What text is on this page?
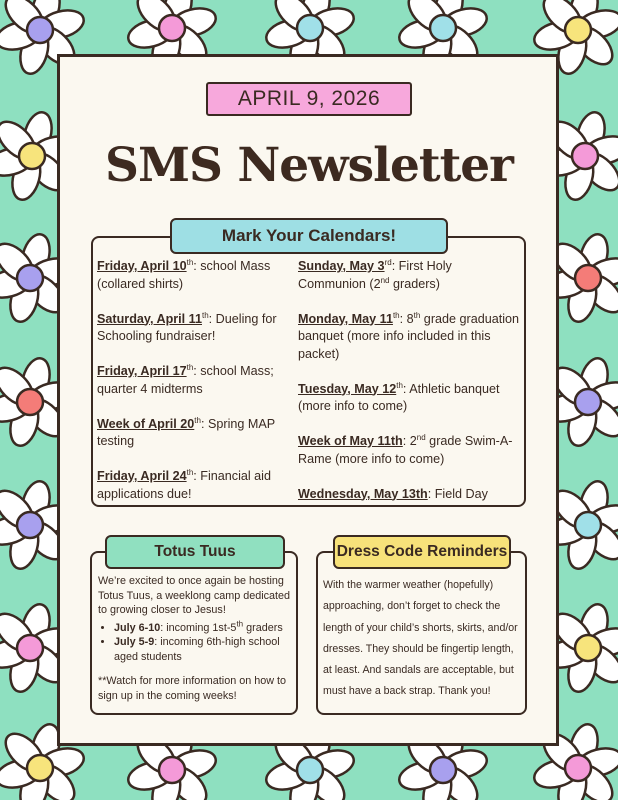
APRIL 9, 2026
SMS Newsletter
Mark Your Calendars!
Friday, April 10th: school Mass (collared shirts)
Saturday, April 11th: Dueling for Schooling fundraiser!
Friday, April 17th: school Mass; quarter 4 midterms
Week of April 20th: Spring MAP testing
Friday, April 24th: Financial aid applications due!
Sunday, May 3rd: First Holy Communion (2nd graders)
Monday, May 11th: 8th grade graduation banquet (more info included in this packet)
Tuesday, May 12th: Athletic banquet (more info to come)
Week of May 11th: 2nd grade Swim-A-Rame (more info to come)
Wednesday, May 13th: Field Day
Totus Tuus
We’re excited to once again be hosting Totus Tuus, a weeklong camp dedicated to growing closer to Jesus!
• July 6-10: incoming 1st-5th graders
• July 5-9: incoming 6th-high school aged students
**Watch for more information on how to sign up in the coming weeks!
Dress Code Reminders
With the warmer weather (hopefully) approaching, don’t forget to check the length of your child’s shorts, skirts, and/or dresses. They should be fingertip length, at least. And sandals are acceptable, but must have a back strap. Thank you!
